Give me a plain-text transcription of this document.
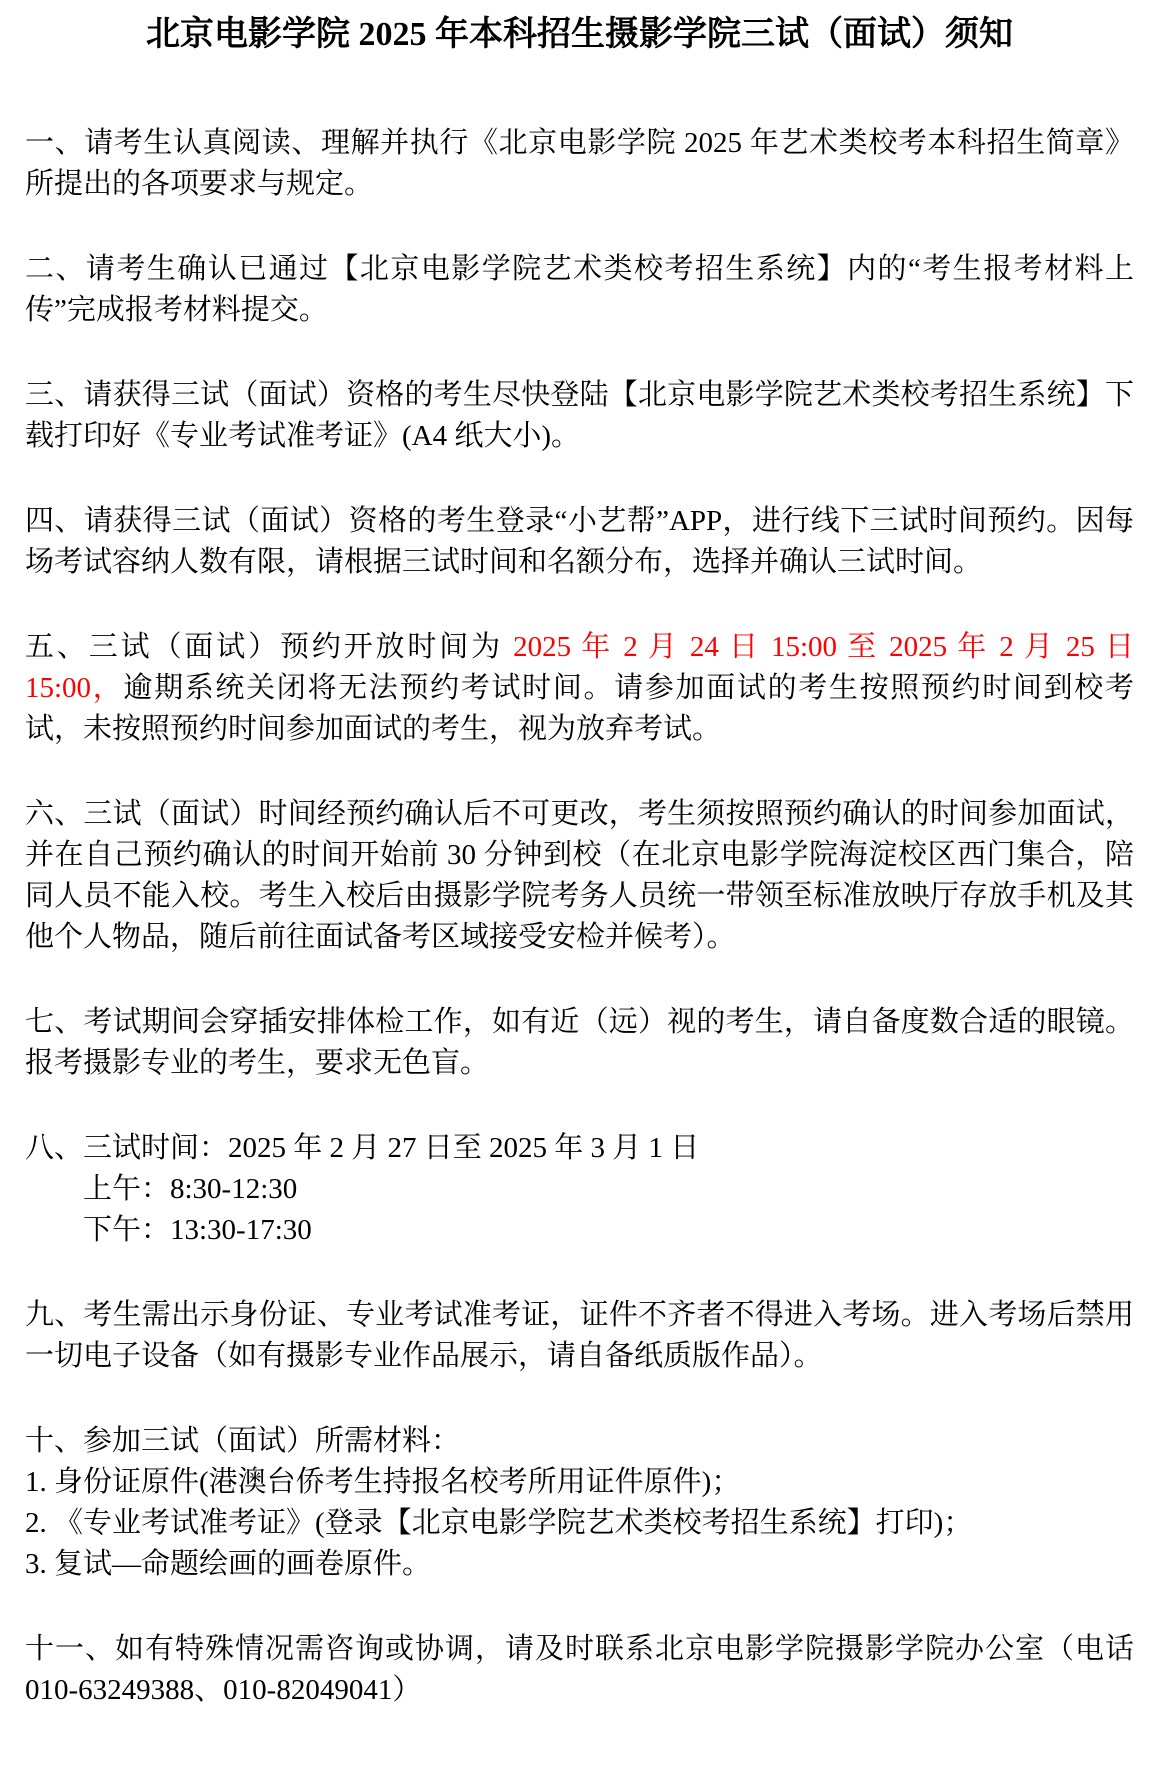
北京电影学院 2025 年本科招生摄影学院三试（面试）须知

一、请考生认真阅读、理解并执行《北京电影学院 2025 年艺术类校考本科招生简章》所提出的各项要求与规定。

二、请考生确认已通过【北京电影学院艺术类校考招生系统】内的“考生报考材料上传”完成报考材料提交。

三、请获得三试（面试）资格的考生尽快登陆【北京电影学院艺术类校考招生系统】下载打印好《专业考试准考证》(A4 纸大小)。

四、请获得三试（面试）资格的考生登录“小艺帮”APP，进行线下三试时间预约。因每场考试容纳人数有限，请根据三试时间和名额分布，选择并确认三试时间。

五、三试（面试）预约开放时间为 2025 年 2 月 24 日 15:00 至 2025 年 2 月 25 日 15:00，逾期系统关闭将无法预约考试时间。请参加面试的考生按照预约时间到校考试，未按照预约时间参加面试的考生，视为放弃考试。

六、三试（面试）时间经预约确认后不可更改，考生须按照预约确认的时间参加面试，并在自己预约确认的时间开始前 30 分钟到校（在北京电影学院海淀校区西门集合，陪同人员不能入校。考生入校后由摄影学院考务人员统一带领至标准放映厅存放手机及其他个人物品，随后前往面试备考区域接受安检并候考）。

七、考试期间会穿插安排体检工作，如有近（远）视的考生，请自备度数合适的眼镜。报考摄影专业的考生，要求无色盲。

八、三试时间：2025 年 2 月 27 日至 2025 年 3 月 1 日
上午：8:30-12:30
下午：13:30-17:30

九、考生需出示身份证、专业考试准考证，证件不齐者不得进入考场。进入考场后禁用一切电子设备（如有摄影专业作品展示，请自备纸质版作品）。

十、参加三试（面试）所需材料：
1. 身份证原件(港澳台侨考生持报名校考所用证件原件)；
2. 《专业考试准考证》(登录【北京电影学院艺术类校考招生系统】打印)；
3. 复试—命题绘画的画卷原件。

十一、如有特殊情况需咨询或协调，请及时联系北京电影学院摄影学院办公室（电话 010-63249388、010-82049041）
